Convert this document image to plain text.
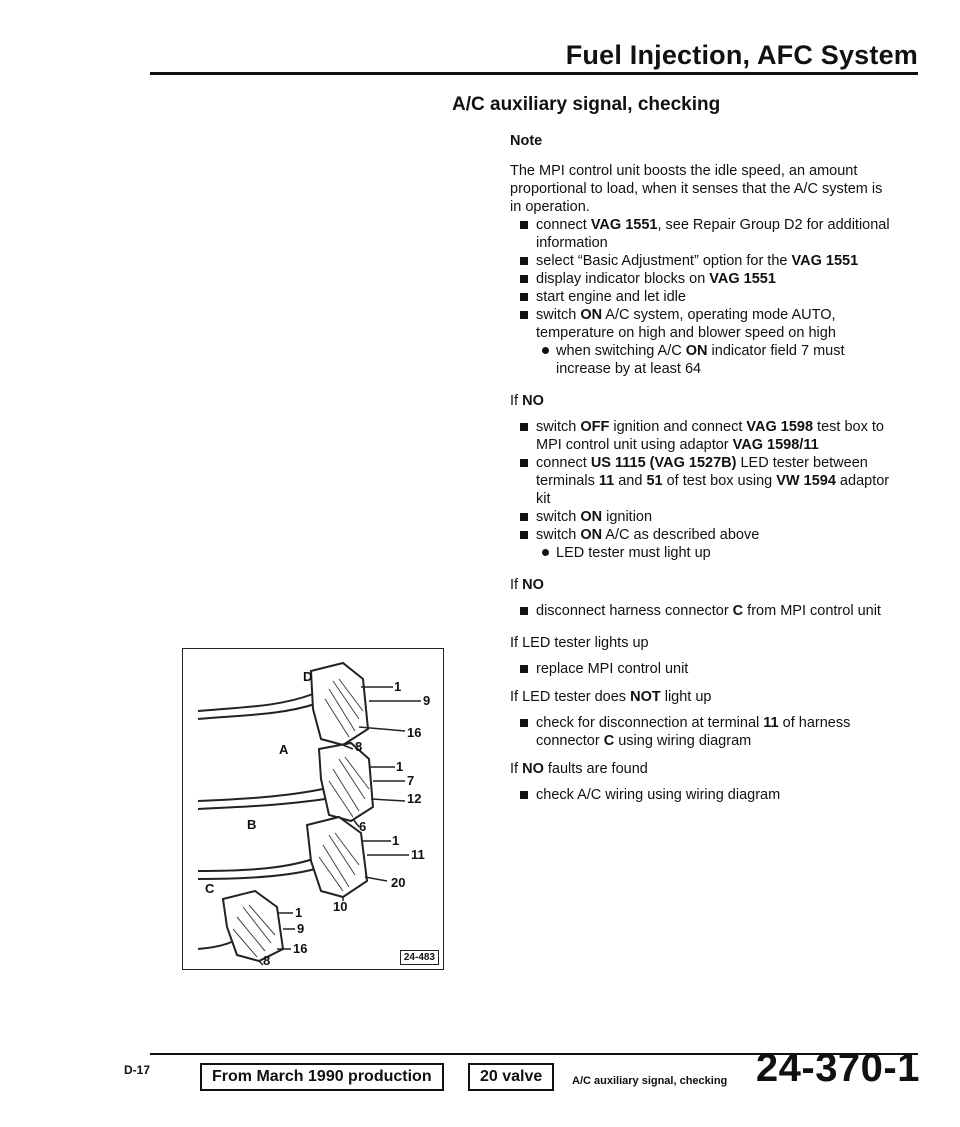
Fuel Injection, AFC System
A/C auxiliary signal, checking

Note

The MPI control unit boosts the idle speed, an amount proportional to load, when it senses that the A/C system is in operation.

connect VAG 1551, see Repair Group D2 for additional information
select “Basic Adjustment” option for the VAG 1551
display indicator blocks on VAG 1551
start engine and let idle
switch ON A/C system, operating mode AUTO, temperature on high and blower speed on high
when switching A/C ON indicator field 7 must increase by at least 64

If NO

switch OFF ignition and connect VAG 1598 test box to MPI control unit using adaptor VAG 1598/11
connect US 1115 (VAG 1527B) LED tester between terminals 11 and 51 of test box using VW 1594 adaptor kit
switch ON ignition
switch ON A/C as described above
LED tester must light up

If NO

disconnect harness connector C from MPI control unit

If LED tester lights up

replace MPI control unit

If LED tester does NOT light up

check for disconnection at terminal 11 of harness connector C using wiring diagram

If NO faults are found

check A/C wiring using wiring diagram
D
A
B
C
1
9
16
8
1
7
12
6
1
11
20
10
1
9
16
8	24-483
D-17	From March 1990 production	20 valve	A/C auxiliary signal, checking 24-370-1
